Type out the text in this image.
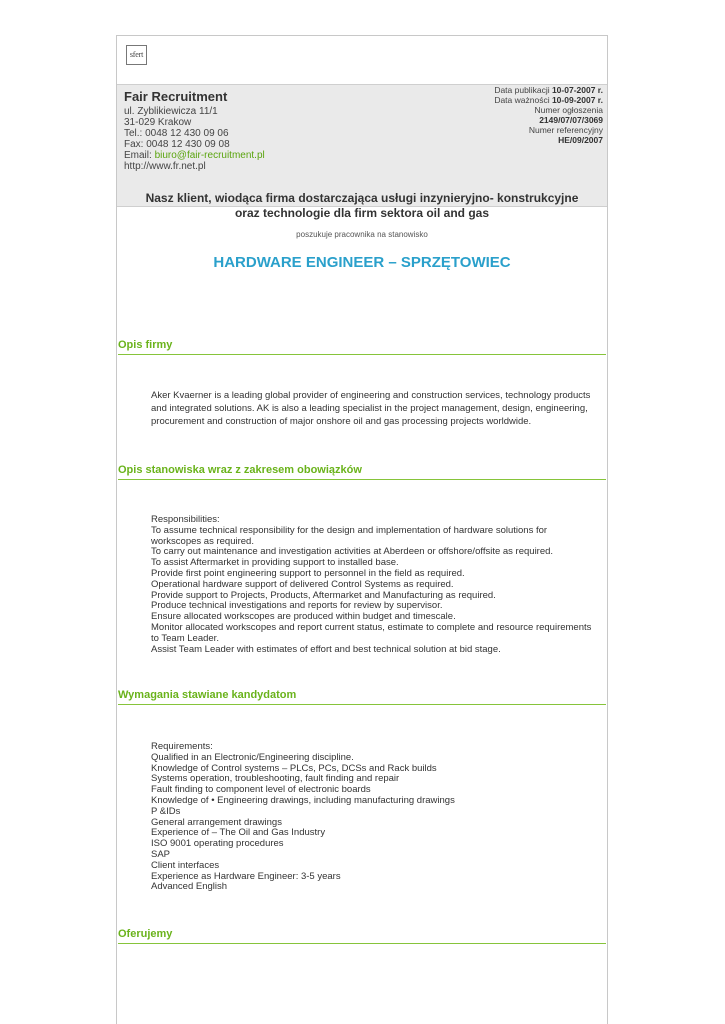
sfert
Fair Recruitment
ul. Zyblikiewicza 11/1
31-029 Krakow
Tel.: 0048 12 430 09 06
Fax: 0048 12 430 09 08
Email: biuro@fair-recruitment.pl
http://www.fr.net.pl
Data publikacji 10-07-2007 r.
Data ważności 10-09-2007 r.
Numer ogłoszenia
2149/07/07/3069
Numer referencyjny
HE/09/2007
Nasz klient, wiodąca firma dostarczająca usługi inzynieryjno- konstrukcyjne
oraz technologie dla firm sektora oil and gas
poszukuje pracownika na stanowisko
HARDWARE ENGINEER – SPRZĘTOWIEC
Opis firmy
Aker Kvaerner is a leading global provider of engineering and construction services, technology products
and integrated solutions. AK is also a leading specialist in the project management, design, engineering,
procurement and construction of major onshore oil and gas processing projects worldwide.
Opis stanowiska wraz z zakresem obowiązków
Responsibilities:
To assume technical responsibility for the design and implementation of hardware solutions for
workscopes as required.
To carry out maintenance and investigation activities at Aberdeen or offshore/offsite as required.
To assist Aftermarket in providing support to installed base.
Provide first point engineering support to personnel in the field as required.
Operational hardware support of delivered Control Systems as required.
Provide support to Projects, Products, Aftermarket and Manufacturing as required.
Produce technical investigations and reports for review by supervisor.
Ensure allocated workscopes are produced within budget and timescale.
Monitor allocated workscopes and report current status, estimate to complete and resource requirements
to Team Leader.
Assist Team Leader with estimates of effort and best technical solution at bid stage.
Wymagania stawiane kandydatom
Requirements:
Qualified in an Electronic/Engineering discipline.
Knowledge of Control systems – PLCs, PCs, DCSs and Rack builds
Systems operation, troubleshooting, fault finding and repair
Fault finding to component level of electronic boards
Knowledge of • Engineering drawings, including manufacturing drawings
P &IDs
General arrangement drawings
Experience of – The Oil and Gas Industry
ISO 9001 operating procedures
SAP
Client interfaces
Experience as Hardware Engineer: 3-5 years
Advanced English
Oferujemy
